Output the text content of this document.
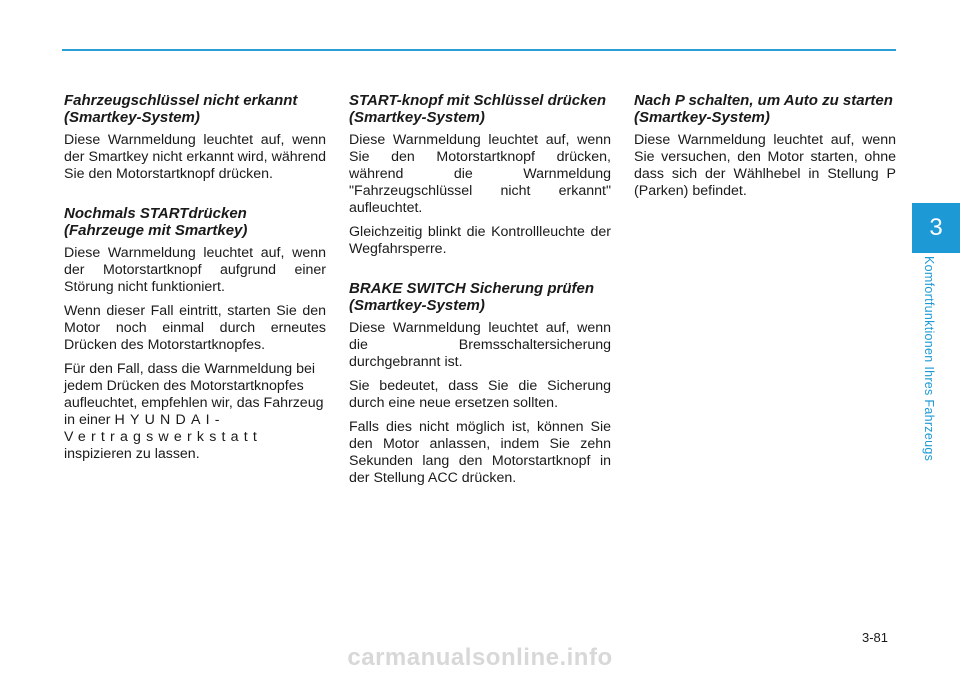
Fahrzeugschlüssel nicht erkannt (Smartkey-System)

Diese Warnmeldung leuchtet auf, wenn der Smartkey nicht erkannt wird, während Sie den Motorstartknopf drücken.

Nochmals STARTdrücken (Fahrzeuge mit Smartkey)

Diese Warnmeldung leuchtet auf, wenn der Motorstartknopf aufgrund einer Störung nicht funktioniert.

Wenn dieser Fall eintritt, starten Sie den Motor noch einmal durch erneutes Drücken des Motorstartknopfes.

Für den Fall, dass die Warnmeldung bei jedem Drücken des Motorstartknopfes aufleuchtet, empfehlen wir, das Fahrzeug in einer HYUNDAI-Vertragswerkstatt inspizieren zu lassen.

START-knopf mit Schlüssel drücken (Smartkey-System)

Diese Warnmeldung leuchtet auf, wenn Sie den Motorstartknopf drücken, während die Warnmeldung "Fahrzeugschlüssel nicht erkannt" aufleuchtet.

Gleichzeitig blinkt die Kontrollleuchte der Wegfahrsperre.

BRAKE SWITCH Sicherung prüfen (Smartkey-System)

Diese Warnmeldung leuchtet auf, wenn die Bremsschaltersicherung durchgebrannt ist.

Sie bedeutet, dass Sie die Sicherung durch eine neue ersetzen sollten.

Falls dies nicht möglich ist, können Sie den Motor anlassen, indem Sie zehn Sekunden lang den Motorstartknopf in der Stellung ACC drücken.

Nach P schalten, um Auto zu starten (Smartkey-System)

Diese Warnmeldung leuchtet auf, wenn Sie versuchen, den Motor starten, ohne dass sich der Wählhebel in Stellung P (Parken) befindet.

3
Komfortfunktionen Ihres Fahrzeugs
3-81
carmanualsonline.info
